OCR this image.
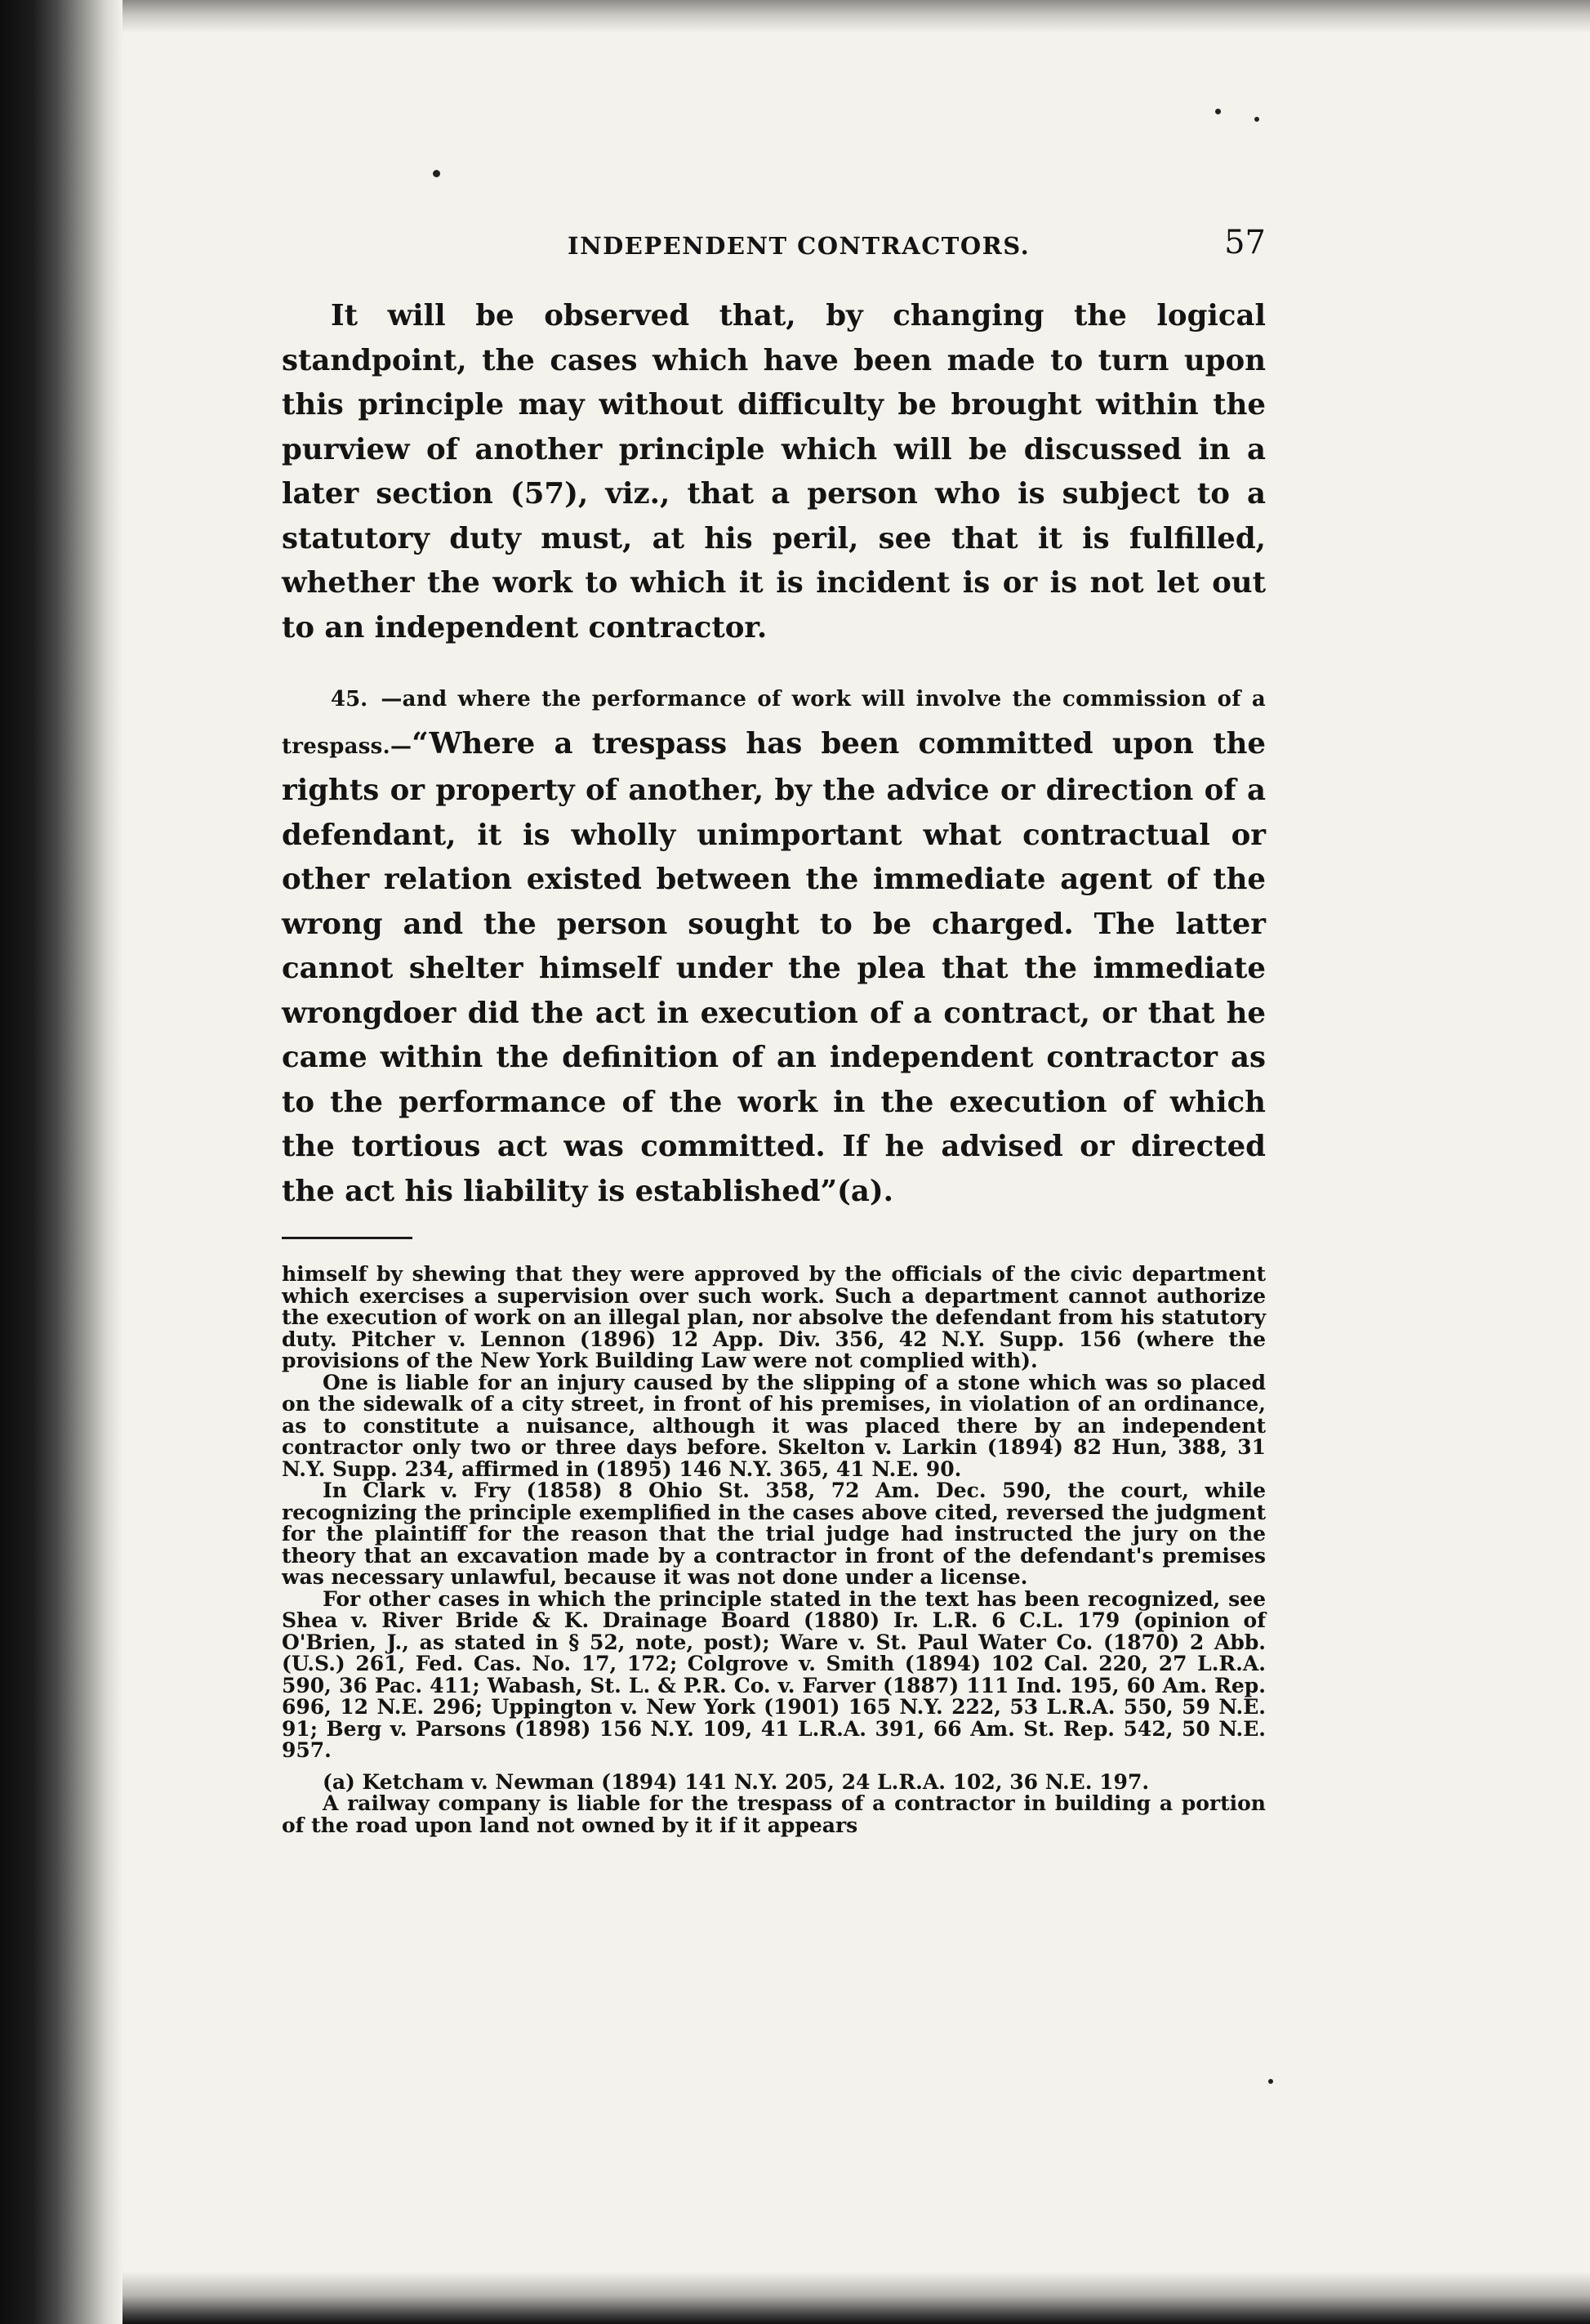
INDEPENDENT CONTRACTORS.	57

It will be observed that, by changing the logical standpoint, the cases which have been made to turn upon this principle may without difficulty be brought within the purview of another principle which will be discussed in a later section (57), viz., that a person who is subject to a statutory duty must, at his peril, see that it is fulfilled, whether the work to which it is incident is or is not let out to an independent contractor.

45. —and where the performance of work will involve the commission of a trespass.—“Where a trespass has been committed upon the rights or property of another, by the advice or direction of a defendant, it is wholly unimportant what contractual or other relation existed between the immediate agent of the wrong and the person sought to be charged. The latter cannot shelter himself under the plea that the immediate wrongdoer did the act in execution of a contract, or that he came within the definition of an independent contractor as to the performance of the work in the execution of which the tortious act was committed. If he advised or directed the act his liability is established”(a).

himself by shewing that they were approved by the officials of the civic department which exercises a supervision over such work. Such a department cannot authorize the execution of work on an illegal plan, nor absolve the defendant from his statutory duty. Pitcher v. Lennon (1896) 12 App. Div. 356, 42 N.Y. Supp. 156 (where the provisions of the New York Building Law were not complied with).

One is liable for an injury caused by the slipping of a stone which was so placed on the sidewalk of a city street, in front of his premises, in violation of an ordinance, as to constitute a nuisance, although it was placed there by an independent contractor only two or three days before. Skelton v. Larkin (1894) 82 Hun, 388, 31 N.Y. Supp. 234, affirmed in (1895) 146 N.Y. 365, 41 N.E. 90.

In Clark v. Fry (1858) 8 Ohio St. 358, 72 Am. Dec. 590, the court, while recognizing the principle exemplified in the cases above cited, reversed the judgment for the plaintiff for the reason that the trial judge had instructed the jury on the theory that an excavation made by a contractor in front of the defendant's premises was necessary unlawful, because it was not done under a license.

For other cases in which the principle stated in the text has been recognized, see Shea v. River Bride & K. Drainage Board (1880) Ir. L.R. 6 C.L. 179 (opinion of O'Brien, J., as stated in § 52, note, post); Ware v. St. Paul Water Co. (1870) 2 Abb. (U.S.) 261, Fed. Cas. No. 17, 172; Colgrove v. Smith (1894) 102 Cal. 220, 27 L.R.A. 590, 36 Pac. 411; Wabash, St. L. & P.R. Co. v. Farver (1887) 111 Ind. 195, 60 Am. Rep. 696, 12 N.E. 296; Uppington v. New York (1901) 165 N.Y. 222, 53 L.R.A. 550, 59 N.E. 91; Berg v. Parsons (1898) 156 N.Y. 109, 41 L.R.A. 391, 66 Am. St. Rep. 542, 50 N.E. 957.

(a) Ketcham v. Newman (1894) 141 N.Y. 205, 24 L.R.A. 102, 36 N.E. 197.

A railway company is liable for the trespass of a contractor in building a portion of the road upon land not owned by it if it appears
